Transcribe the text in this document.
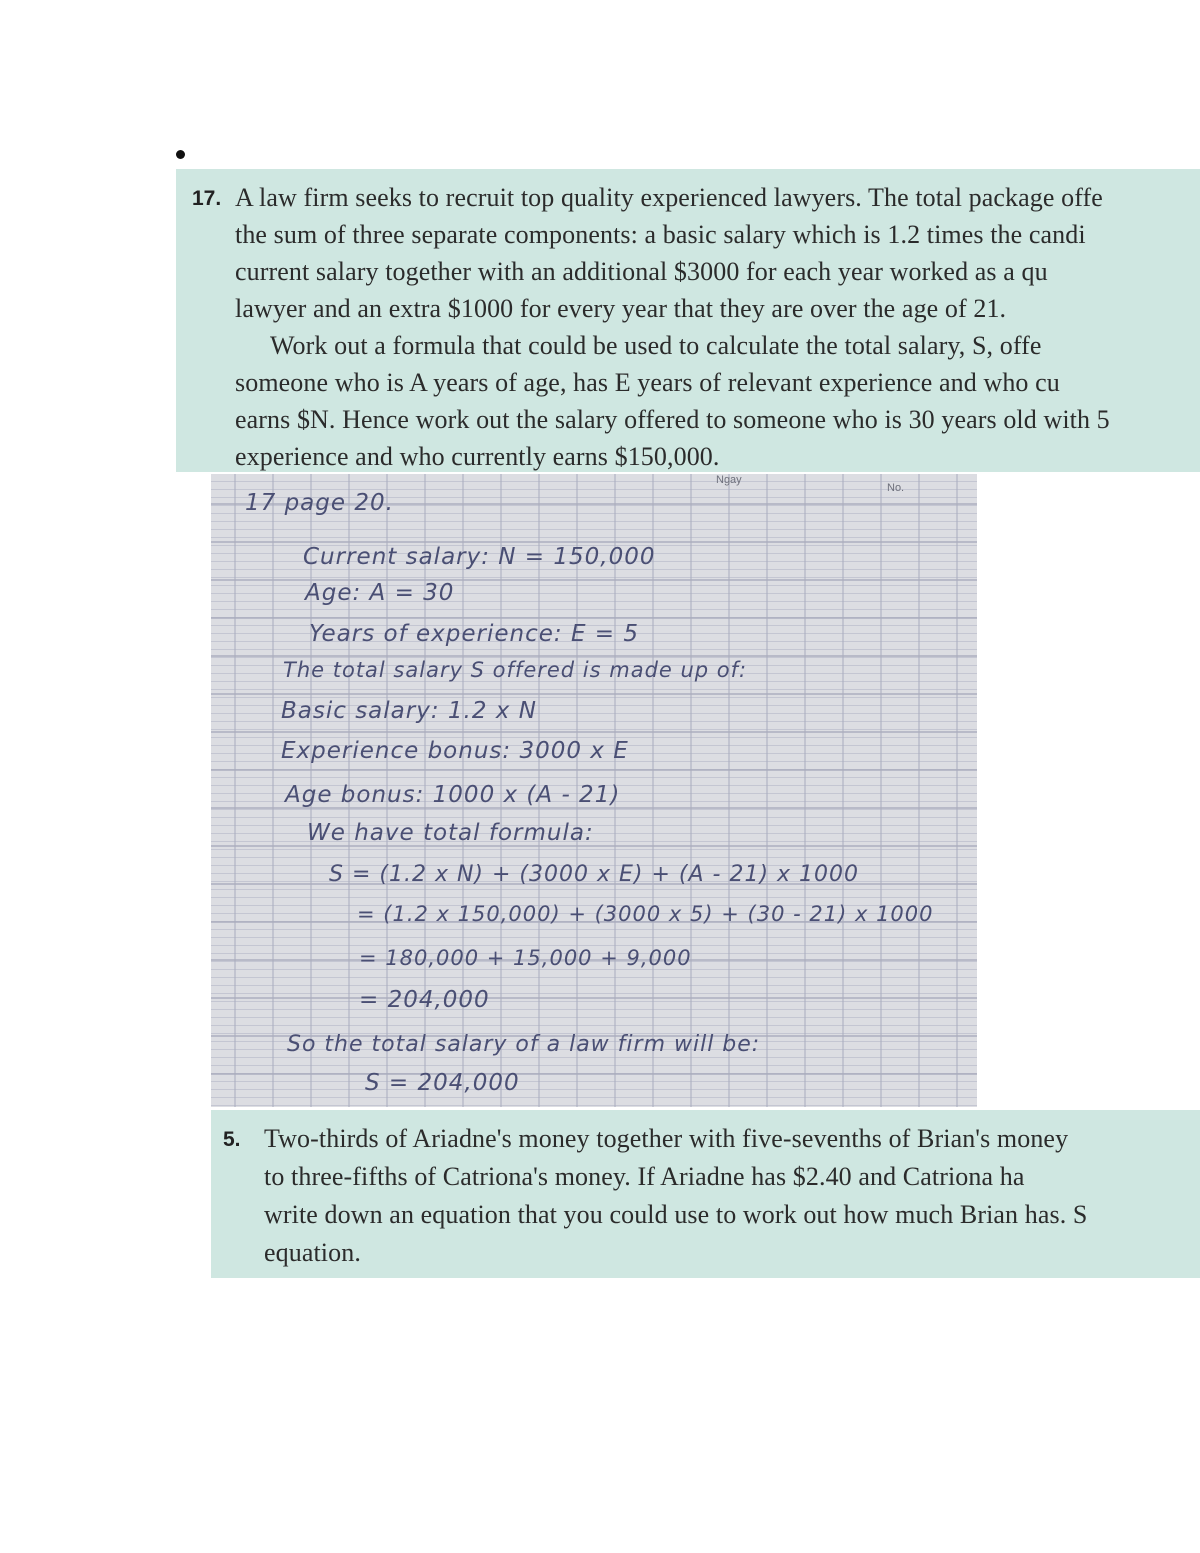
17. A law firm seeks to recruit top quality experienced lawyers. The total package offe
the sum of three separate components: a basic salary which is 1.2 times the candi
current salary together with an additional $3000 for each year worked as a qu
lawyer and an extra $1000 for every year that they are over the age of 21.
Work out a formula that could be used to calculate the total salary, S, offe
someone who is A years of age, has E years of relevant experience and who cu
earns $N. Hence work out the salary offered to someone who is 30 years old with 5
experience and who currently earns $150,000.
Ngay
No.
17 page 20.
Current salary: N = 150,000
Age: A = 30
Years of experience: E = 5
The total salary S offered is made up of:
Basic salary: 1.2 x N
Experience bonus: 3000 x E
Age bonus: 1000 x (A - 21)
We have total formula:
S = (1.2 x N) + (3000 x E) + (A - 21) x 1000
= (1.2 x 150,000) + (3000 x 5) + (30 - 21) x 1000
= 180,000 + 15,000 + 9,000
= 204,000
So the total salary of a law firm will be:
S = 204,000
5. Two-thirds of Ariadne's money together with five-sevenths of Brian's money
to three-fifths of Catriona's money. If Ariadne has $2.40 and Catriona ha
write down an equation that you could use to work out how much Brian has. S
equation.
